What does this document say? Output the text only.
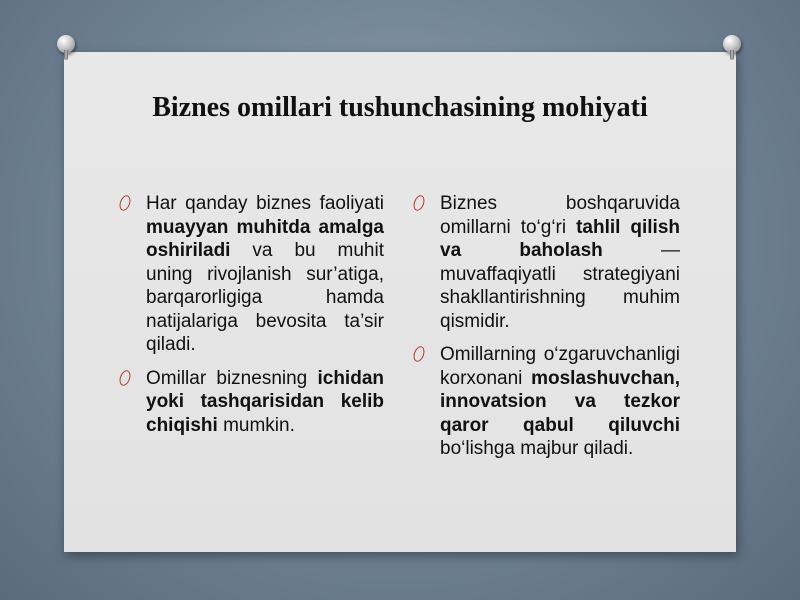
Biznes omillari tushunchasining mohiyati
Har qanday biznes faoliyati muayyan muhitda amalga oshiriladi va bu muhit uning rivojlanish sur’atiga, barqarorligiga hamda natijalariga bevosita ta’sir qiladi.
Omillar biznesning ichidan yoki tashqarisidan kelib chiqishi mumkin.
Biznes boshqaruvida omillarni to‘g‘ri tahlil qilish va baholash — muvaffaqiyatli strategiyani shakllantirishning muhim qismidir.
Omillarning o‘zgaruvchanligi korxonani moslashuvchan, innovatsion va tezkor qaror qabul qiluvchi bo‘lishga majbur qiladi.
